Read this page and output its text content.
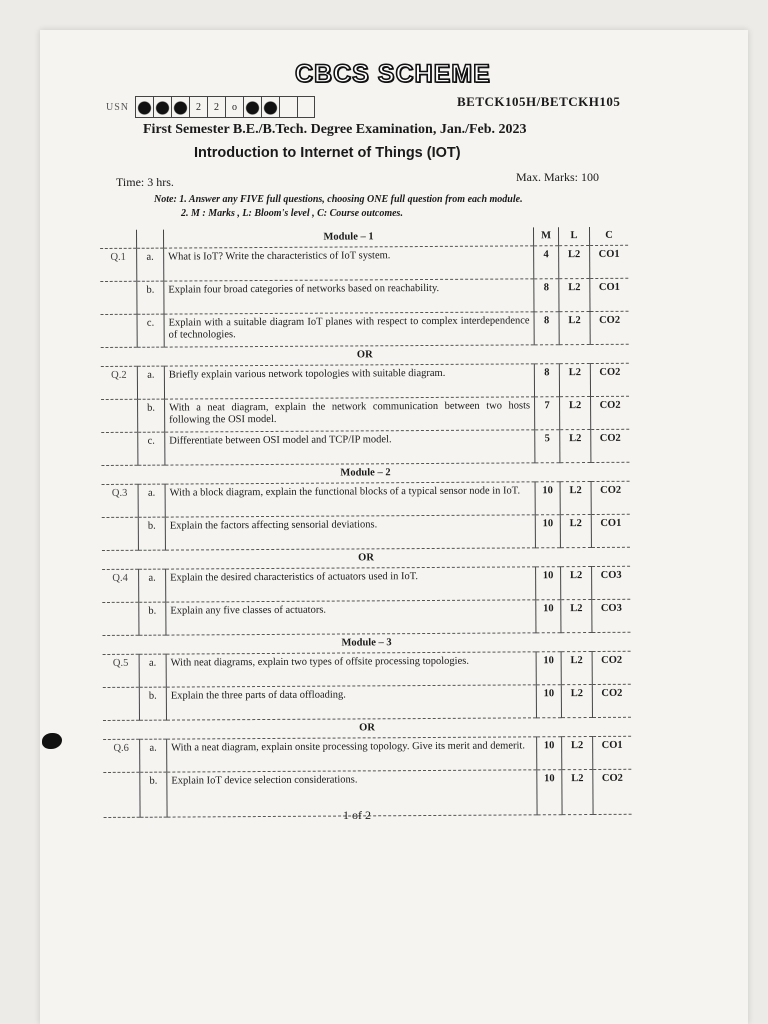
CBCS SCHEME
USN	2	2	o	BETCK105H/BETCKH105
First Semester B.E./B.Tech. Degree Examination, Jan./Feb. 2023
Introduction to Internet of Things (IOT)
Time: 3 hrs.	Max. Marks: 100
Note: 1. Answer any FIVE full questions, choosing ONE full question from each module.
2. M : Marks , L: Bloom's level , C: Course outcomes.
		Module – 1	M	L	C
Q.1	a.	What is IoT? Write the characteristics of IoT system.	4	L2	CO1
	b.	Explain four broad categories of networks based on reachability.	8	L2	CO1
	c.	Explain with a suitable diagram IoT planes with respect to complex interdependence of technologies.	8	L2	CO2
OR					
Q.2	a.	Briefly explain various network topologies with suitable diagram.	8	L2	CO2
	b.	With a neat diagram, explain the network communication between two hosts following the OSI model.	7	L2	CO2
	c.	Differentiate between OSI model and TCP/IP model.	5	L2	CO2
Module – 2					
Q.3	a.	With a block diagram, explain the functional blocks of a typical sensor node in IoT.	10	L2	CO2
	b.	Explain the factors affecting sensorial deviations.	10	L2	CO1
OR					
Q.4	a.	Explain the desired characteristics of actuators used in IoT.	10	L2	CO3
	b.	Explain any five classes of actuators.	10	L2	CO3
Module – 3					
Q.5	a.	With neat diagrams, explain two types of offsite processing topologies.	10	L2	CO2
	b.	Explain the three parts of data offloading.	10	L2	CO2
OR					
Q.6	a.	With a neat diagram, explain onsite processing topology. Give its merit and demerit.	10	L2	CO1
	b.	Explain IoT device selection considerations.	10	L2	CO2
1 of 2
